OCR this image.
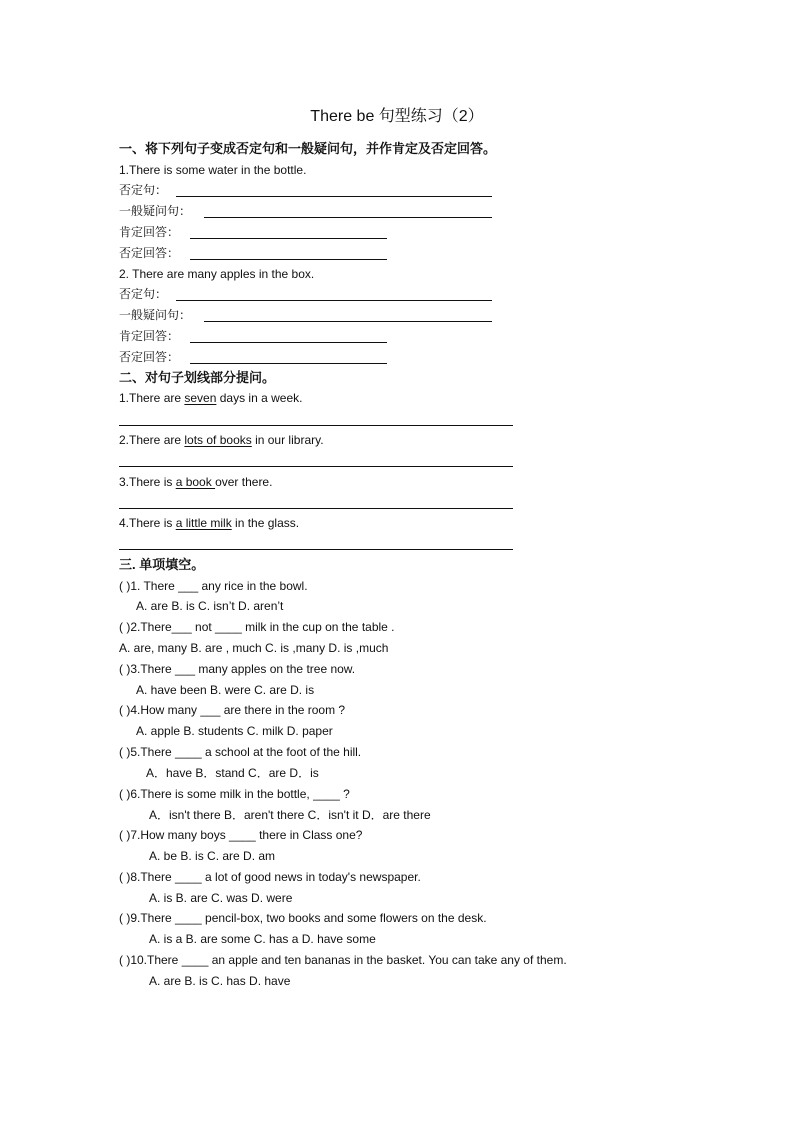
There be 句型练习（2）
一、将下列句子变成否定句和一般疑问句，并作肯定及否定回答。
1.There is some water in the bottle.
否定句：
一般疑问句：
肯定回答：
否定回答：
2. There are many apples in the box.
否定句：
一般疑问句：
肯定回答：
否定回答：
二、对句子划线部分提问。
1.There are seven days in a week.
2.There are lots of books in our library.
3.There is a book over there.
4.There is a little milk in the glass.
三. 单项填空。
( )1. There ___ any rice in the bowl.
A. are B. is C. isn’t D. aren’t
( )2.There___ not ____ milk in the cup on the table .
A. are, many B. are , much C. is ,many D. is ,much
( )3.There ___ many apples on the tree now.
A. have been B. were C. are D. is
( )4.How many ___ are there in the room ?
A. apple B. students C. milk D. paper
( )5.There ____ a school at the foot of the hill.
A．have B．stand C．are D．is
( )6.There is some milk in the bottle, ____ ?
A．isn't there B．aren't there C．isn't it D．are there
( )7.How many boys ____ there in Class one?
A. be B. is C. are D. am
( )8.There ____ a lot of good news in today's newspaper.
A. is B. are C. was D. were
( )9.There ____ pencil-box, two books and some flowers on the desk.
A. is a B. are some C. has a D. have some
( )10.There ____ an apple and ten bananas in the basket. You can take any of them.
A. are B. is C. has D. have
